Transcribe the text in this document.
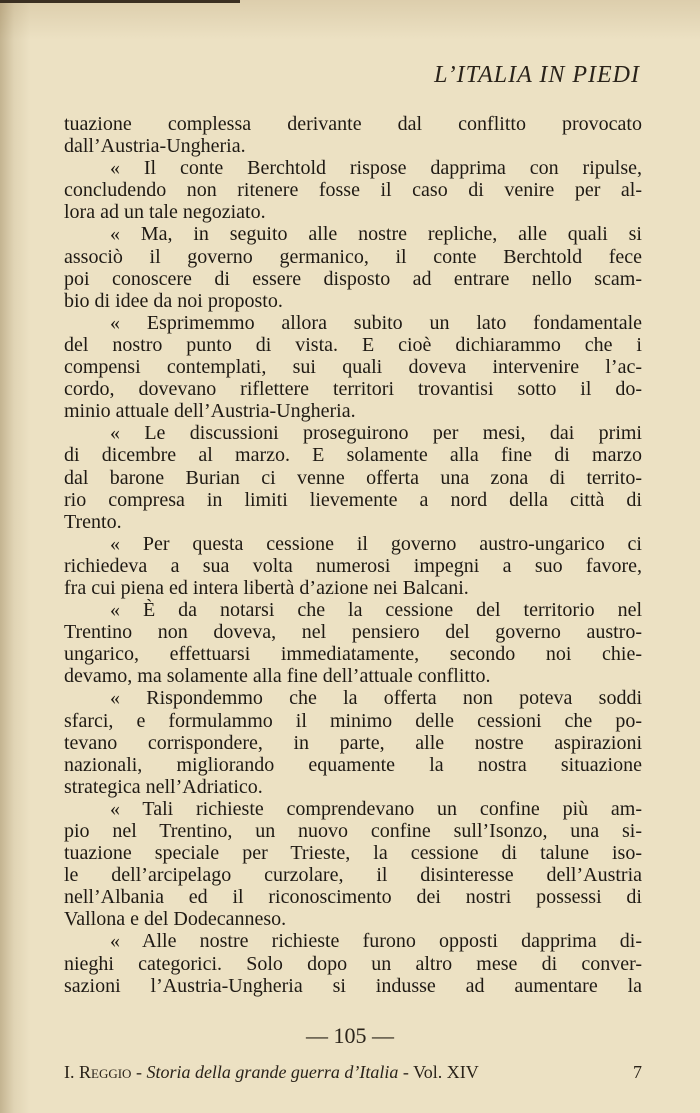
L’ITALIA IN PIEDI
tuazione complessa derivante dal conflitto provocato
dall’Austria-Ungheria.
« Il conte Berchtold rispose dapprima con ripulse,
concludendo non ritenere fosse il caso di venire per al-
lora ad un tale negoziato.
« Ma, in seguito alle nostre repliche, alle quali si
associò il governo germanico, il conte Berchtold fece
poi conoscere di essere disposto ad entrare nello scam-
bio di idee da noi proposto.
« Esprimemmo allora subito un lato fondamentale
del nostro punto di vista. E cioè dichiarammo che i
compensi contemplati, sui quali doveva intervenire l’ac-
cordo, dovevano riflettere territori trovantisi sotto il do-
minio attuale dell’Austria-Ungheria.
« Le discussioni proseguirono per mesi, dai primi
di dicembre al marzo. E solamente alla fine di marzo
dal barone Burian ci venne offerta una zona di territo-
rio compresa in limiti lievemente a nord della città di
Trento.
« Per questa cessione il governo austro-ungarico ci
richiedeva a sua volta numerosi impegni a suo favore,
fra cui piena ed intera libertà d’azione nei Balcani.
« È da notarsi che la cessione del territorio nel
Trentino non doveva, nel pensiero del governo austro-
ungarico, effettuarsi immediatamente, secondo noi chie-
devamo, ma solamente alla fine dell’attuale conflitto.
« Rispondemmo che la offerta non poteva soddi
sfarci, e formulammo il minimo delle cessioni che po-
tevano corrispondere, in parte, alle nostre aspirazioni
nazionali, migliorando equamente la nostra situazione
strategica nell’Adriatico.
« Tali richieste comprendevano un confine più am-
pio nel Trentino, un nuovo confine sull’Isonzo, una si-
tuazione speciale per Trieste, la cessione di talune iso-
le dell’arcipelago curzolare, il disinteresse dell’Austria
nell’Albania ed il riconoscimento dei nostri possessi di
Vallona e del Dodecanneso.
« Alle nostre richieste furono opposti dapprima di-
nieghi categorici. Solo dopo un altro mese di conver-
sazioni l’Austria-Ungheria si indusse ad aumentare la
— 105 —
I. Reggio - Storia della grande guerra d’Italia - Vol. XIV	7
